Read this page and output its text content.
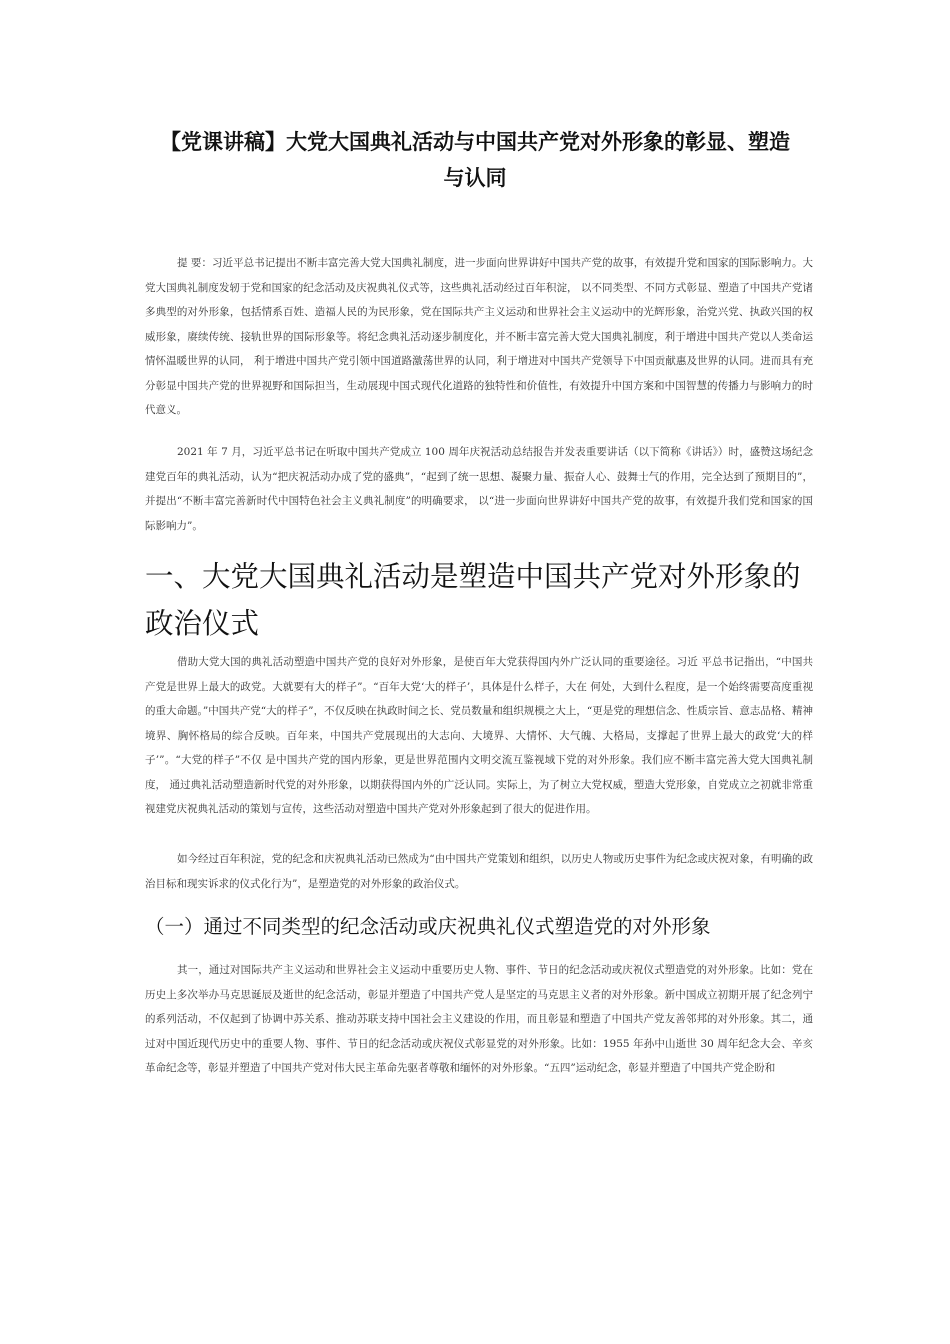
【党课讲稿】大党大国典礼活动与中国共产党对外形象的彰显、塑造与认同

提 要：习近平总书记提出不断丰富完善大党大国典礼制度，进一步面向世界讲好中国共产党的故事，有效提升党和国家的国际影响力。大党大国典礼制度发轫于党和国家的纪念活动及庆祝典礼仪式等，这些典礼活动经过百年积淀， 以不同类型、不同方式彰显、塑造了中国共产党诸多典型的对外形象，包括情系百姓、造福人民的为民形象，党在国际共产主义运动和世界社会主义运动中的光辉形象，治党兴党、执政兴国的权威形象，赓续传统、接轨世界的国际形象等。将纪念典礼活动逐步制度化，并不断丰富完善大党大国典礼制度，利于增进中国共产党以人类命运情怀温暖世界的认同， 利于增进中国共产党引领中国道路激荡世界的认同，利于增进对中国共产党领导下中国贡献惠及世界的认同。进而具有充分彰显中国共产党的世界视野和国际担当，生动展现中国式现代化道路的独特性和价值性，有效提升中国方案和中国智慧的传播力与影响力的时代意义。

2021 年 7 月，习近平总书记在听取中国共产党成立 100 周年庆祝活动总结报告并发表重要讲话（以下简称《讲话》）时，盛赞这场纪念建党百年的典礼活动，认为“把庆祝活动办成了党的盛典”，“起到了统一思想、凝聚力量、振奋人心、鼓舞士气的作用，完全达到了预期目的”，并提出“不断丰富完善新时代中国特色社会主义典礼制度”的明确要求， 以“进一步面向世界讲好中国共产党的故事，有效提升我们党和国家的国际影响力”。

一、大党大国典礼活动是塑造中国共产党对外形象的政治仪式

借助大党大国的典礼活动塑造中国共产党的良好对外形象，是使百年大党获得国内外广泛认同的重要途径。习近 平总书记指出，“中国共产党是世界上最大的政党。大就要有大的样子”。“百年大党‘大的样子’，具体是什么样子，大在 何处，大到什么程度，是一个始终需要高度重视的重大命题。”中国共产党“大的样子”，不仅反映在执政时间之长、党员数量和组织规模之大上，“更是党的理想信念、性质宗旨、意志品格、精神境界、胸怀格局的综合反映。百年来，中国共产党展现出的大志向、大境界、大情怀、大气魄、大格局，支撑起了世界上最大的政党‘大的样子’”。“大党的样子”不仅 是中国共产党的国内形象，更是世界范围内文明交流互鉴视域下党的对外形象。我们应不断丰富完善大党大国典礼制度， 通过典礼活动塑造新时代党的对外形象，以期获得国内外的广泛认同。实际上，为了树立大党权威，塑造大党形象，自党成立之初就非常重视建党庆祝典礼活动的策划与宣传，这些活动对塑造中国共产党对外形象起到了很大的促进作用。

如今经过百年积淀，党的纪念和庆祝典礼活动已然成为“由中国共产党策划和组织，以历史人物或历史事件为纪念或庆祝对象，有明确的政治目标和现实诉求的仪式化行为”，是塑造党的对外形象的政治仪式。

（一）通过不同类型的纪念活动或庆祝典礼仪式塑造党的对外形象

其一，通过对国际共产主义运动和世界社会主义运动中重要历史人物、事件、节日的纪念活动或庆祝仪式塑造党的对外形象。比如：党在历史上多次举办马克思诞辰及逝世的纪念活动，彰显并塑造了中国共产党人是坚定的马克思主义者的对外形象。新中国成立初期开展了纪念列宁的系列活动，不仅起到了协调中苏关系、推动苏联支持中国社会主义建设的作用，而且彰显和塑造了中国共产党友善邻邦的对外形象。其二，通过对中国近现代历史中的重要人物、事件、节日的纪念活动或庆祝仪式彰显党的对外形象。比如：1955 年孙中山逝世 30 周年纪念大会、辛亥革命纪念等，彰显并塑造了中国共产党对伟大民主革命先驱者尊敬和缅怀的对外形象。“五四”运动纪念，彰显并塑造了中国共产党企盼和
